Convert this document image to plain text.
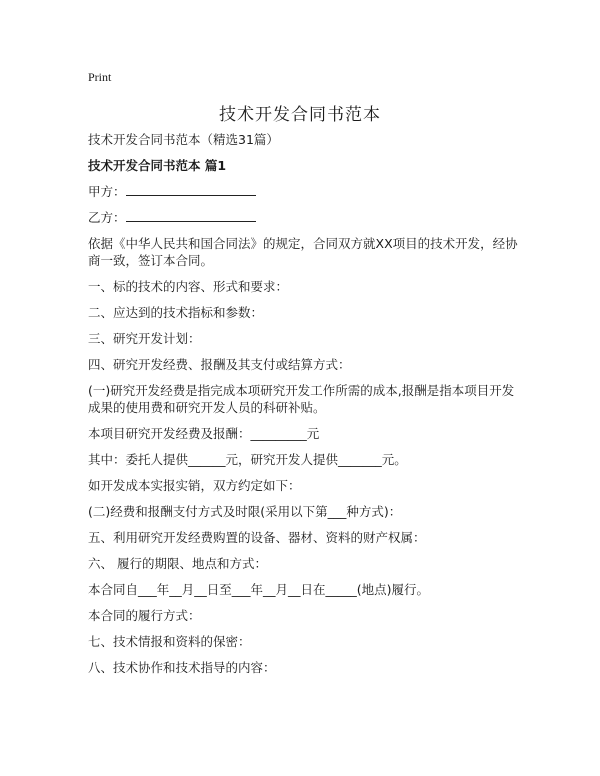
Print
技术开发合同书范本

技术开发合同书范本（精选31篇）

技术开发合同书范本 篇1

甲方：

乙方：

依据《中华人民共和国合同法》的规定，合同双方就XX项目的技术开发，经协商一致，签订本合同。

一、标的技术的内容、形式和要求：

二、应达到的技术指标和参数：

三、研究开发计划：

四、研究开发经费、报酬及其支付或结算方式：

(一)研究开发经费是指完成本项研究开发工作所需的成本,报酬是指本项目开发成果的使用费和研究开发人员的科研补贴。

本项目研究开发经费及报酬：_________元

其中：委托人提供______元，研究开发人提供_______元。

如开发成本实报实销，双方约定如下：

(二)经费和报酬支付方式及时限(采用以下第___种方式)：

五、利用研究开发经费购置的设备、器材、资料的财产权属：

六、 履行的期限、地点和方式：

本合同自___年__月__日至___年__月__日在_____(地点)履行。

本合同的履行方式：

七、技术情报和资料的保密：

八、技术协作和技术指导的内容：
